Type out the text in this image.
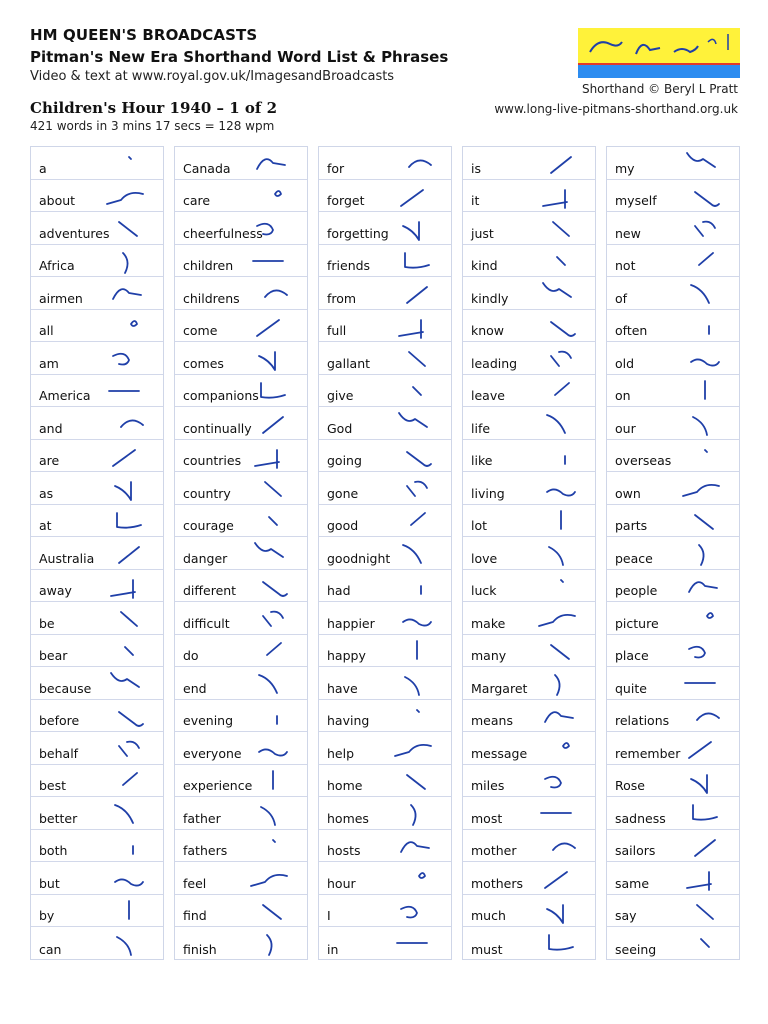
HM QUEEN'S BROADCASTS
Pitman's New Era Shorthand Word List & Phrases
Video & text at www.royal.gov.uk/ImagesandBroadcasts
Children's Hour 1940 – 1 of 2
421 words in 3 mins 17 secs = 128 wpm
Shorthand © Beryl L Pratt
www.long-live-pitmans-shorthand.org.uk
a
about
adventures
Africa
airmen
all
am
America
and
are
as
at
Australia
away
be
bear
because
before
behalf
best
better
both
but
by
can
Canada
care
cheerfulness
children
childrens
come
comes
companions
continually
countries
country
courage
danger
different
difficult
do
end
evening
everyone
experience
father
fathers
feel
find
finish
for
forget
forgetting
friends
from
full
gallant
give
God
going
gone
good
goodnight
had
happier
happy
have
having
help
home
homes
hosts
hour
I
in
is
it
just
kind
kindly
know
leading
leave
life
like
living
lot
love
luck
make
many
Margaret
means
message
miles
most
mother
mothers
much
must
my
myself
new
not
of
often
old
on
our
overseas
own
parts
peace
people
picture
place
quite
relations
remember
Rose
sadness
sailors
same
say
seeing
